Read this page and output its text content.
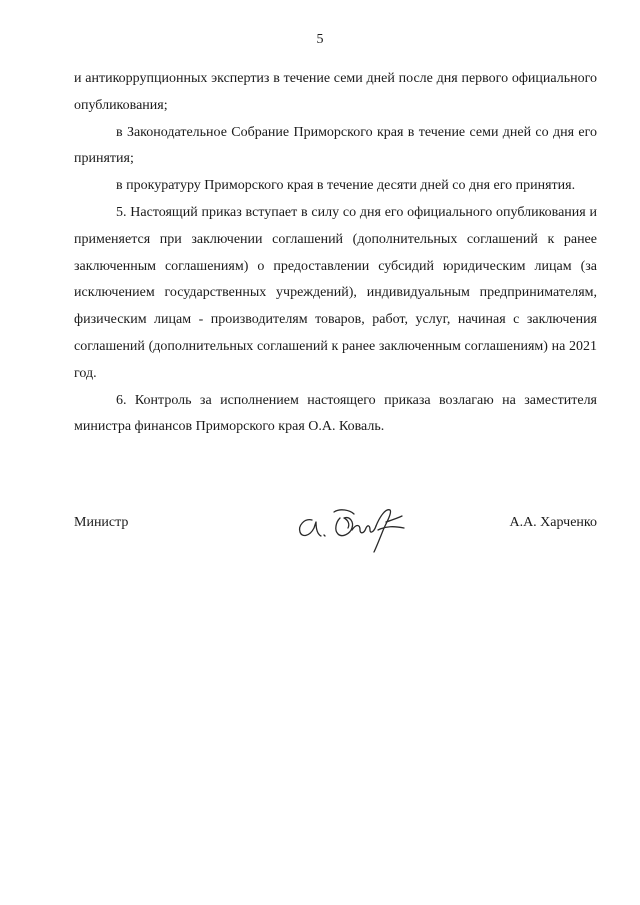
5

и антикоррупционных экспертиз в течение семи дней после дня первого официального опубликования;

в Законодательное Собрание Приморского края в течение семи дней со дня его принятия;

в прокуратуру Приморского края в течение десяти дней со дня его принятия.

5. Настоящий приказ вступает в силу со дня его официального опубликования и применяется при заключении соглашений (дополнительных соглашений к ранее заключенным соглашениям) о предоставлении субсидий юридическим лицам (за исключением государственных учреждений), индивидуальным предпринимателям, физическим лицам - производителям товаров, работ, услуг, начиная с заключения соглашений (дополнительных соглашений к ранее заключенным соглашениям) на 2021 год.

6. Контроль за исполнением настоящего приказа возлагаю на заместителя министра финансов Приморского края О.А. Коваль.

Министр	А.А. Харченко
